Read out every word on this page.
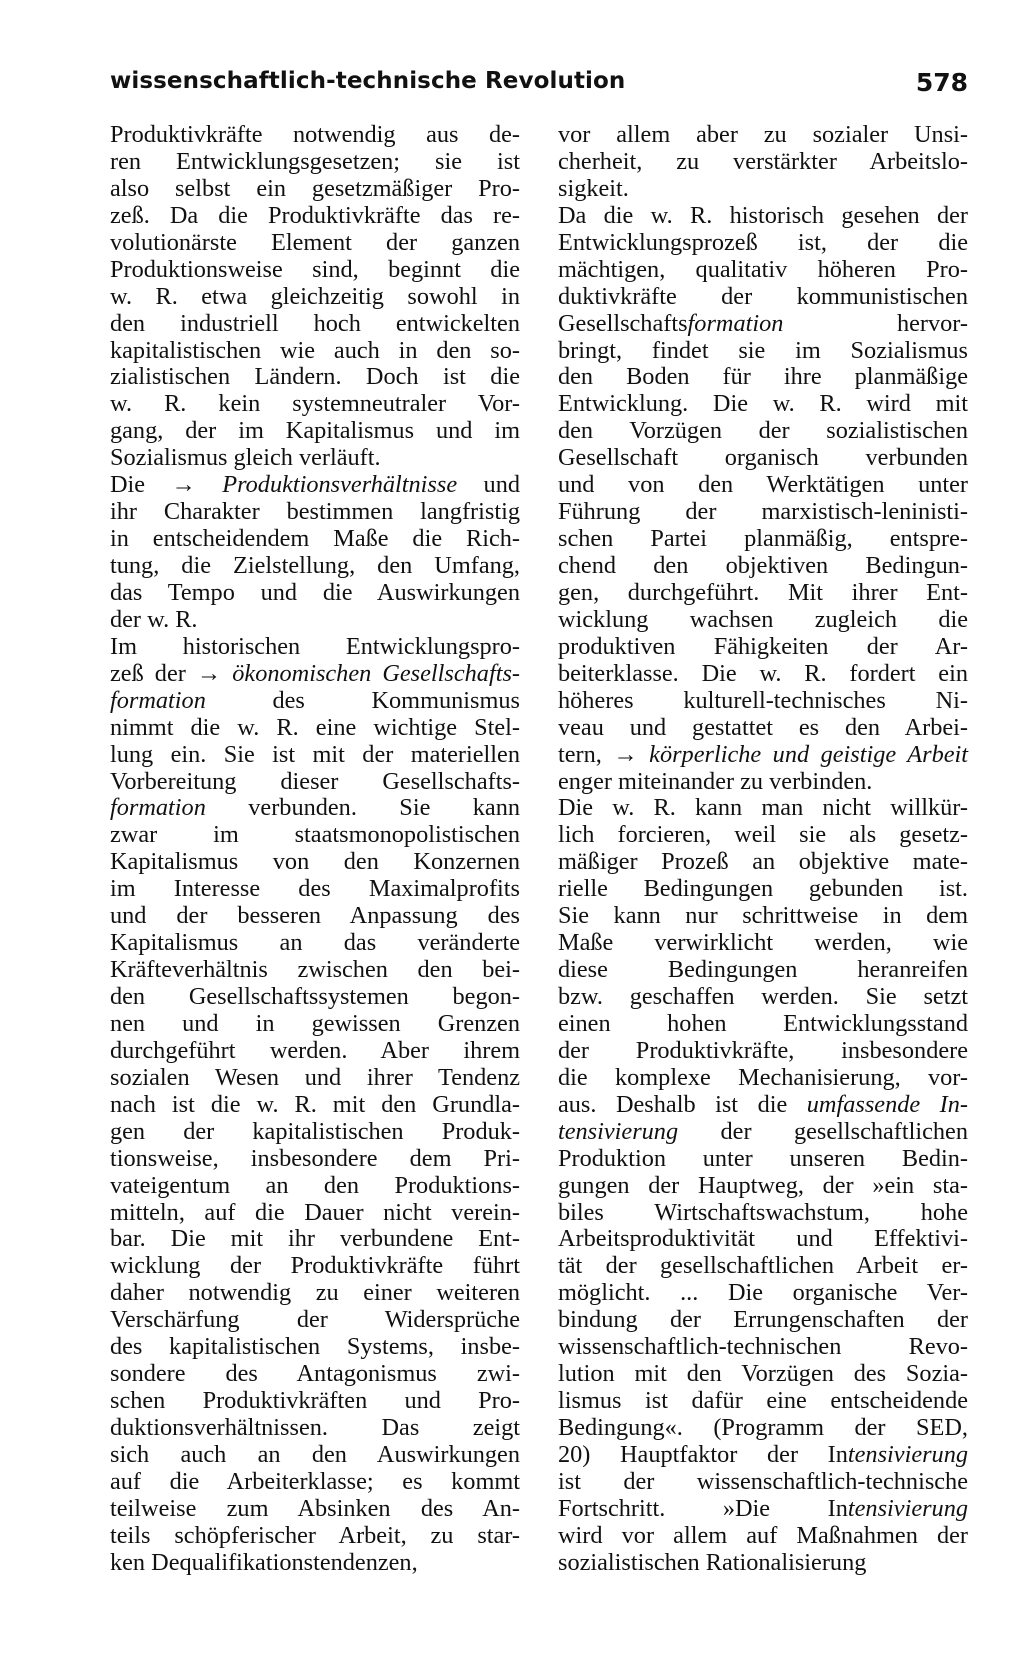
wissenschaftlich-technische Revolution	578
Produktivkräfte notwendig aus de-
ren Entwicklungsgesetzen; sie ist
also selbst ein gesetzmäßiger Pro-
zeß. Da die Produktivkräfte das re-
volutionärste Element der ganzen
Produktionsweise sind, beginnt die
w. R. etwa gleichzeitig sowohl in
den industriell hoch entwickelten
kapitalistischen wie auch in den so-
zialistischen Ländern. Doch ist die
w. R. kein systemneutraler Vor-
gang, der im Kapitalismus und im
Sozialismus gleich verläuft.
Die → Produktionsverhältnisse und
ihr Charakter bestimmen langfristig
in entscheidendem Maße die Rich-
tung, die Zielstellung, den Umfang,
das Tempo und die Auswirkungen
der w. R.
Im historischen Entwicklungspro-
zeß der → ökonomischen Gesellschafts-
formation des Kommunismus
nimmt die w. R. eine wichtige Stel-
lung ein. Sie ist mit der materiellen
Vorbereitung dieser Gesellschafts-
formation verbunden. Sie kann
zwar im staatsmonopolistischen
Kapitalismus von den Konzernen
im Interesse des Maximalprofits
und der besseren Anpassung des
Kapitalismus an das veränderte
Kräfteverhältnis zwischen den bei-
den Gesellschaftssystemen begon-
nen und in gewissen Grenzen
durchgeführt werden. Aber ihrem
sozialen Wesen und ihrer Tendenz
nach ist die w. R. mit den Grundla-
gen der kapitalistischen Produk-
tionsweise, insbesondere dem Pri-
vateigentum an den Produktions-
mitteln, auf die Dauer nicht verein-
bar. Die mit ihr verbundene Ent-
wicklung der Produktivkräfte führt
daher notwendig zu einer weiteren
Verschärfung der Widersprüche
des kapitalistischen Systems, insbe-
sondere des Antagonismus zwi-
schen Produktivkräften und Pro-
duktionsverhältnissen. Das zeigt
sich auch an den Auswirkungen
auf die Arbeiterklasse; es kommt
teilweise zum Absinken des An-
teils schöpferischer Arbeit, zu star-
ken Dequalifikationstendenzen,
vor allem aber zu sozialer Unsi-
cherheit, zu verstärkter Arbeitslo-
sigkeit.
Da die w. R. historisch gesehen der
Entwicklungsprozeß ist, der die
mächtigen, qualitativ höheren Pro-
duktivkräfte der kommunistischen
Gesellschaftsformation hervor-
bringt, findet sie im Sozialismus
den Boden für ihre planmäßige
Entwicklung. Die w. R. wird mit
den Vorzügen der sozialistischen
Gesellschaft organisch verbunden
und von den Werktätigen unter
Führung der marxistisch-leninisti-
schen Partei planmäßig, entspre-
chend den objektiven Bedingun-
gen, durchgeführt. Mit ihrer Ent-
wicklung wachsen zugleich die
produktiven Fähigkeiten der Ar-
beiterklasse. Die w. R. fordert ein
höheres kulturell-technisches Ni-
veau und gestattet es den Arbei-
tern, → körperliche und geistige Arbeit
enger miteinander zu verbinden.
Die w. R. kann man nicht willkür-
lich forcieren, weil sie als gesetz-
mäßiger Prozeß an objektive mate-
rielle Bedingungen gebunden ist.
Sie kann nur schrittweise in dem
Maße verwirklicht werden, wie
diese Bedingungen heranreifen
bzw. geschaffen werden. Sie setzt
einen hohen Entwicklungsstand
der Produktivkräfte, insbesondere
die komplexe Mechanisierung, vor-
aus. Deshalb ist die umfassende In-
tensivierung der gesellschaftlichen
Produktion unter unseren Bedin-
gungen der Hauptweg, der »ein sta-
biles Wirtschaftswachstum, hohe
Arbeitsproduktivität und Effektivi-
tät der gesellschaftlichen Arbeit er-
möglicht. ... Die organische Ver-
bindung der Errungenschaften der
wissenschaftlich-technischen Revo-
lution mit den Vorzügen des Sozia-
lismus ist dafür eine entscheidende
Bedingung«. (Programm der SED,
20) Hauptfaktor der Intensivierung
ist der wissenschaftlich-technische
Fortschritt. »Die Intensivierung
wird vor allem auf Maßnahmen der
sozialistischen Rationalisierung
